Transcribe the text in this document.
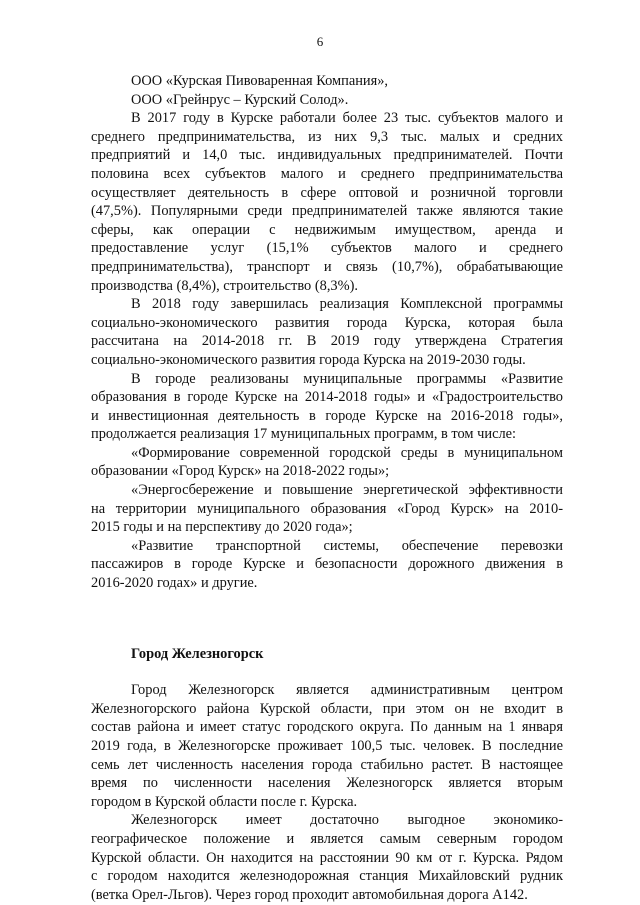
6
ООО «Курская Пивоваренная Компания»,
ООО «Грейнрус – Курский Солод».
В 2017 году в Курске работали более 23 тыс. субъектов малого и
среднего предпринимательства, из них 9,3 тыс. малых и средних
предприятий и 14,0 тыс. индивидуальных предпринимателей. Почти
половина всех субъектов малого и среднего предпринимательства
осуществляет деятельность в сфере оптовой и розничной торговли
(47,5%). Популярными среди предпринимателей также являются такие
сферы, как операции с недвижимым имуществом, аренда и
предоставление услуг (15,1% субъектов малого и среднего
предпринимательства), транспорт и связь (10,7%), обрабатывающие
производства (8,4%), строительство (8,3%).
В 2018 году завершилась реализация Комплексной программы
социально-экономического развития города Курска, которая была
рассчитана на 2014-2018 гг. В 2019 году утверждена Стратегия
социально-экономического развития города Курска на 2019-2030 годы.
В городе реализованы муниципальные программы «Развитие
образования в городе Курске на 2014-2018 годы» и «Градостроительство
и инвестиционная деятельность в городе Курске на 2016-2018 годы»,
продолжается реализация 17 муниципальных программ, в том числе:
«Формирование современной городской среды в муниципальном
образовании «Город Курск» на 2018-2022 годы»;
«Энергосбережение и повышение энергетической эффективности
на территории муниципального образования «Город Курск» на 2010-
2015 годы и на перспективу до 2020 года»;
«Развитие транспортной системы, обеспечение перевозки
пассажиров в городе Курске и безопасности дорожного движения в
2016-2020 годах» и другие.
Город Железногорск
Город Железногорск является административным центром
Железногорского района Курской области, при этом он не входит в
состав района и имеет статус городского округа. По данным на 1 января
2019 года, в Железногорске проживает 100,5 тыс. человек. В последние
семь лет численность населения города стабильно растет. В настоящее
время по численности населения Железногорск является вторым
городом в Курской области после г. Курска.
Железногорск имеет достаточно выгодное экономико-
географическое положение и является самым северным городом
Курской области. Он находится на расстоянии 90 км от г. Курска. Рядом
с городом находится железнодорожная станция Михайловский рудник
(ветка Орел-Льгов). Через город проходит автомобильная дорога А142.
